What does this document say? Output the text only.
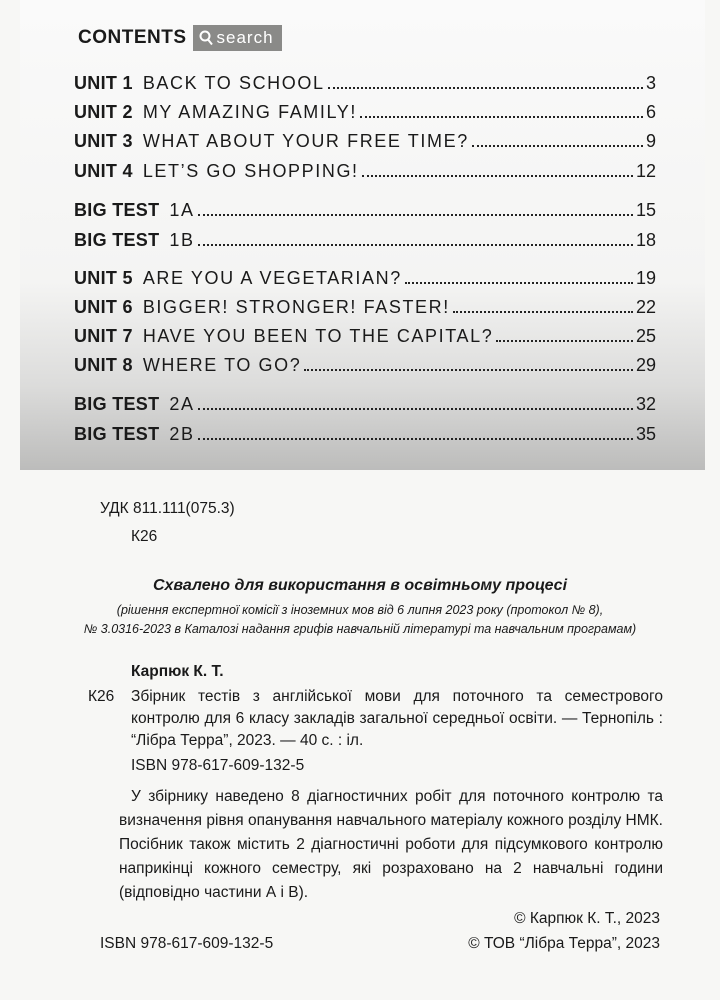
CONTENTS search
UNIT 1 BACK TO SCHOOL	3
UNIT 2 MY AMAZING FAMILY!	6
UNIT 3 WHAT ABOUT YOUR FREE TIME?	9
UNIT 4 LET’S GO SHOPPING!	12
BIG TEST 1A	15
BIG TEST 1B	18
UNIT 5 ARE YOU A VEGETARIAN?	19
UNIT 6 BIGGER! STRONGER! FASTER!	22
UNIT 7 HAVE YOU BEEN TO THE CAPITAL?	25
UNIT 8 WHERE TO GO?	29
BIG TEST 2A	32
BIG TEST 2B	35
УДК 811.111(075.3)
К26
Схвалено для використання в освітньому процесі
(рішення експертної комісії з іноземних мов від 6 липня 2023 року (протокол № 8),
№ 3.0316-2023 в Каталозі надання грифів навчальній літературі та навчальним програмам)
Карпюк К. Т.
К26 Збірник тестів з англійської мови для поточного та семестрового контролю для 6 класу закладів загальної середньої освіти. — Тернопіль : “Лібра Терра”, 2023. — 40 с. : іл.
ISBN 978-617-609-132-5
У збірнику наведено 8 діагностичних робіт для поточного контролю та визначення рівня опанування навчального матеріалу кожного розділу НМК. Посібник також містить 2 діагностичні роботи для підсумкового контролю наприкінці кожного семестру, які розраховано на 2 навчальні години (відповідно частини А і В).
© Карпюк К. Т., 2023
ISBN 978-617-609-132-5	© ТОВ “Лібра Терра”, 2023
